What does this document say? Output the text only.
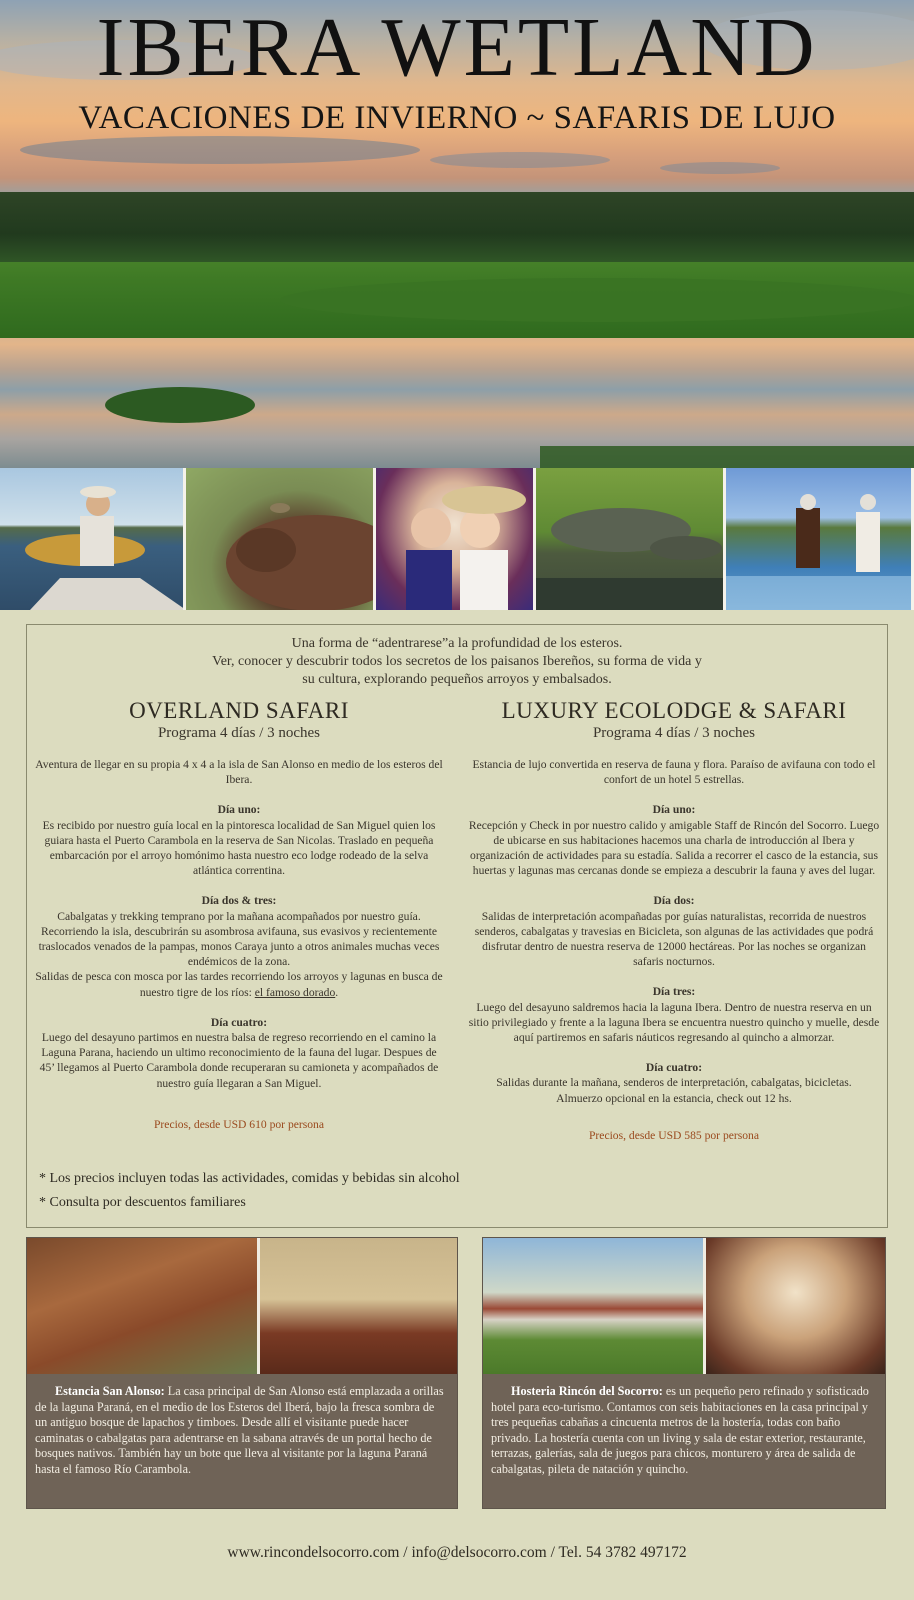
IBERA WETLAND
VACACIONES DE INVIERNO ~ SAFARIS DE LUJO
Una forma de “adentrarese”a la profundidad de los esteros.
Ver, conocer y descubrir todos los secretos de los paisanos Ibereños, su forma de vida y
su cultura, explorando pequeños arroyos y embalsados.
OVERLAND SAFARI
Programa 4 días / 3 noches

Aventura de llegar en su propia 4 x 4 a la isla de San Alonso en medio de los esteros del Ibera.

Día uno:

Es recibido por nuestro guía local en la pintoresca localidad de San Miguel quien los guiara hasta el Puerto Carambola en la reserva de San Nicolas. Traslado en pequeña embarcación por el arroyo homónimo hasta nuestro eco lodge rodeado de la selva atlántica correntina.

Día dos & tres:

Cabalgatas y trekking temprano por la mañana acompañados por nuestro guía. Recorriendo la isla, descubrirán su asombrosa avifauna, sus evasivos y recientemente traslocados venados de la pampas, monos Caraya junto a otros animales muchas veces endémicos de la zona.

Salidas de pesca con mosca por las tardes recorriendo los arroyos y lagunas en busca de nuestro tigre de los ríos: el famoso dorado.

Día cuatro:

Luego del desayuno partimos en nuestra balsa de regreso recorriendo en el camino la Laguna Parana, haciendo un ultimo reconocimiento de la fauna del lugar. Despues de 45’ llegamos al Puerto Carambola donde recuperaran su camioneta y acompañados de nuestro guía llegaran a San Miguel.

Precios, desde USD 610 por persona

LUXURY ECOLODGE & SAFARI
Programa 4 días / 3 noches

Estancia de lujo convertida en reserva de fauna y flora. Paraíso de avifauna con todo el confort de un hotel 5 estrellas.

Día uno:

Recepción y Check in por nuestro calido y amigable Staff de Rincón del Socorro. Luego de ubicarse en sus habitaciones hacemos una charla de introducción al Ibera y organización de actividades para su estadía. Salida a recorrer el casco de la estancia, sus huertas y lagunas mas cercanas donde se empieza a descubrir la fauna y aves del lugar.

Día dos:

Salidas de interpretación acompañadas por guías naturalistas, recorrida de nuestros senderos, cabalgatas y travesias en Bicicleta, son algunas de las actividades que podrá disfrutar dentro de nuestra reserva de 12000 hectáreas. Por las noches se organizan safaris nocturnos.

Día tres:

Luego del desayuno saldremos hacia la laguna Ibera. Dentro de nuestra reserva en un sitio privilegiado y frente a la laguna Ibera se encuentra nuestro quincho y muelle, desde aquí partiremos en safaris náuticos regresando al quincho a almorzar.

Día cuatro:

Salidas durante la mañana, senderos de interpretación, cabalgatas, bicicletas.

Almuerzo opcional en la estancia, check out 12 hs.

Precios, desde USD 585 por persona

* Los precios incluyen todas las actividades, comidas y bebidas sin alcohol
* Consulta por descuentos familiares

Estancia San Alonso: La casa principal de San Alonso está emplazada a orillas de la laguna Paraná, en el medio de los Esteros del Iberá, bajo la fresca sombra de un antiguo bosque de lapachos y timboes. Desde allí el visitante puede hacer caminatas o cabalgatas para adentrarse en la sabana através de un portal hecho de bosques nativos. También hay un bote que lleva al visitante por la laguna Paraná hasta el famoso Río Carambola.

Hosteria Rincón del Socorro: es un pequeño pero refinado y sofisticado hotel para eco-turismo. Contamos con seis habitaciones en la casa principal y tres pequeñas cabañas a cincuenta metros de la hostería, todas con baño privado. La hostería cuenta con un living y sala de estar exterior, restaurante, terrazas, galerías, sala de juegos para chicos, monturero y área de salida de cabalgatas, pileta de natación y quincho.

www.rincondelsocorro.com / info@delsocorro.com / Tel. 54 3782 497172
